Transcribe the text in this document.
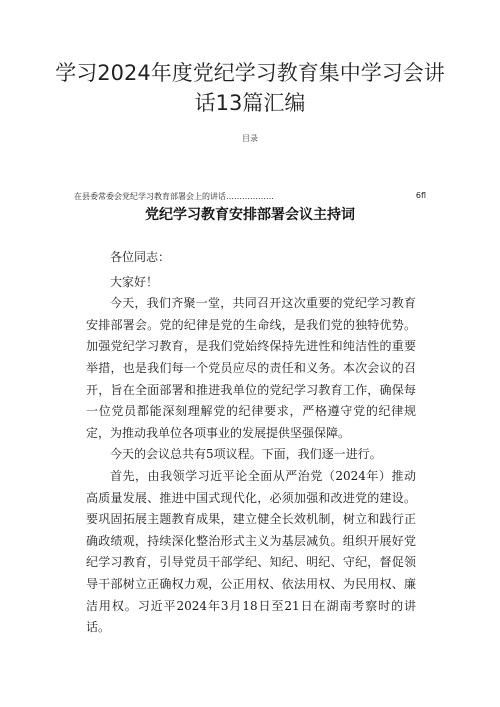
学习2024年度党纪学习教育集中学习会讲
话13篇汇编
目录
在县委常委会党纪学习教育部署会上的讲话………………	6fl
党纪学习教育安排部署会议主持词

各位同志：

大家好！

今天，我们齐聚一堂，共同召开这次重要的党纪学习教育安排部署会。党的纪律是党的生命线，是我们党的独特优势。加强党纪学习教育，是我们党始终保持先进性和纯洁性的重要举措，也是我们每一个党员应尽的责任和义务。本次会议的召开，旨在全面部署和推进我单位的党纪学习教育工作，确保每一位党员都能深刻理解党的纪律要求，严格遵守党的纪律规定，为推动我单位各项事业的发展提供坚强保障。

今天的会议总共有5项议程。下面，我们逐一进行。

首先，由我领学习近平论全面从严治党（2024年）推动高质量发展、推进中国式现代化，必须加强和改进党的建设。要巩固拓展主题教育成果，建立健全长效机制，树立和践行正确政绩观，持续深化整治形式主义为基层减负。组织开展好党纪学习教育，引导党员干部学纪、知纪、明纪、守纪，督促领导干部树立正确权力观，公正用权、依法用权、为民用权、廉洁用权。习近平2024年3月18日至21日在湖南考察时的讲话。
